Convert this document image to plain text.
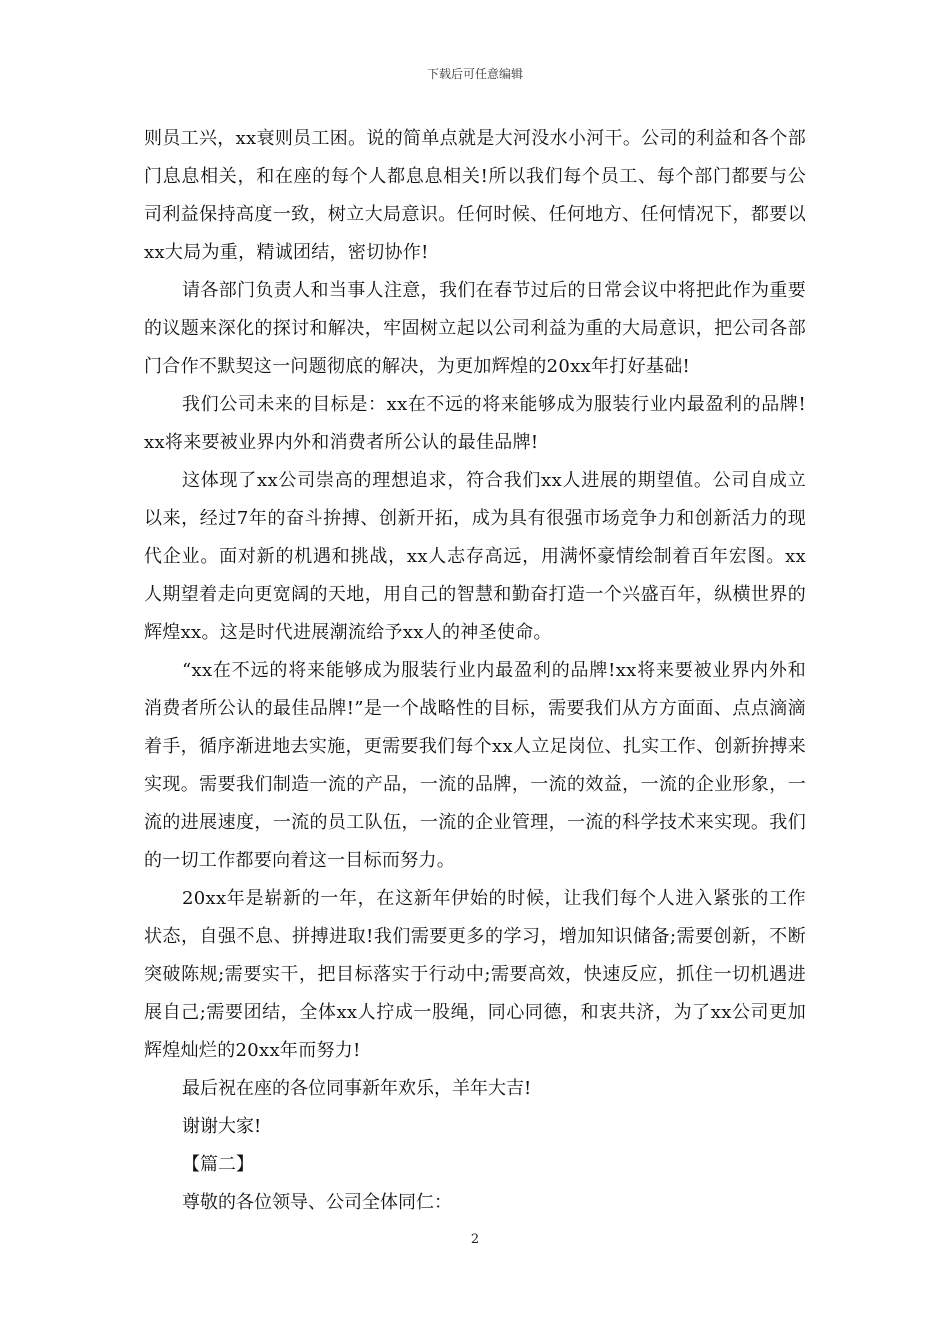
下载后可任意编辑

则员工兴，xx衰则员工困。说的简单点就是大河没水小河干。公司的利益和各个部门息息相关，和在座的每个人都息息相关!所以我们每个员工、每个部门都要与公司利益保持高度一致，树立大局意识。任何时候、任何地方、任何情况下，都要以xx大局为重，精诚团结，密切协作!

请各部门负责人和当事人注意，我们在春节过后的日常会议中将把此作为重要的议题来深化的探讨和解决，牢固树立起以公司利益为重的大局意识，把公司各部门合作不默契这一问题彻底的解决，为更加辉煌的20xx年打好基础!

我们公司未来的目标是：xx在不远的将来能够成为服装行业内最盈利的品牌!xx将来要被业界内外和消费者所公认的最佳品牌!

这体现了xx公司崇高的理想追求，符合我们xx人进展的期望值。公司自成立以来，经过7年的奋斗拚搏、创新开拓，成为具有很强市场竞争力和创新活力的现代企业。面对新的机遇和挑战，xx人志存高远，用满怀豪情绘制着百年宏图。xx人期望着走向更宽阔的天地，用自己的智慧和勤奋打造一个兴盛百年，纵横世界的辉煌xx。这是时代进展潮流给予xx人的神圣使命。

“xx在不远的将来能够成为服装行业内最盈利的品牌!xx将来要被业界内外和消费者所公认的最佳品牌!”是一个战略性的目标，需要我们从方方面面、点点滴滴着手，循序渐进地去实施，更需要我们每个xx人立足岗位、扎实工作、创新拚搏来实现。需要我们制造一流的产品，一流的品牌，一流的效益，一流的企业形象，一流的进展速度，一流的员工队伍，一流的企业管理，一流的科学技术来实现。我们的一切工作都要向着这一目标而努力。

20xx年是崭新的一年，在这新年伊始的时候，让我们每个人进入紧张的工作状态，自强不息、拼搏进取!我们需要更多的学习，增加知识储备;需要创新，不断突破陈规;需要实干，把目标落实于行动中;需要高效，快速反应，抓住一切机遇进展自己;需要团结，全体xx人拧成一股绳，同心同德，和衷共济，为了xx公司更加辉煌灿烂的20xx年而努力!

最后祝在座的各位同事新年欢乐，羊年大吉!

谢谢大家!

【篇二】

尊敬的各位领导、公司全体同仁：

2
